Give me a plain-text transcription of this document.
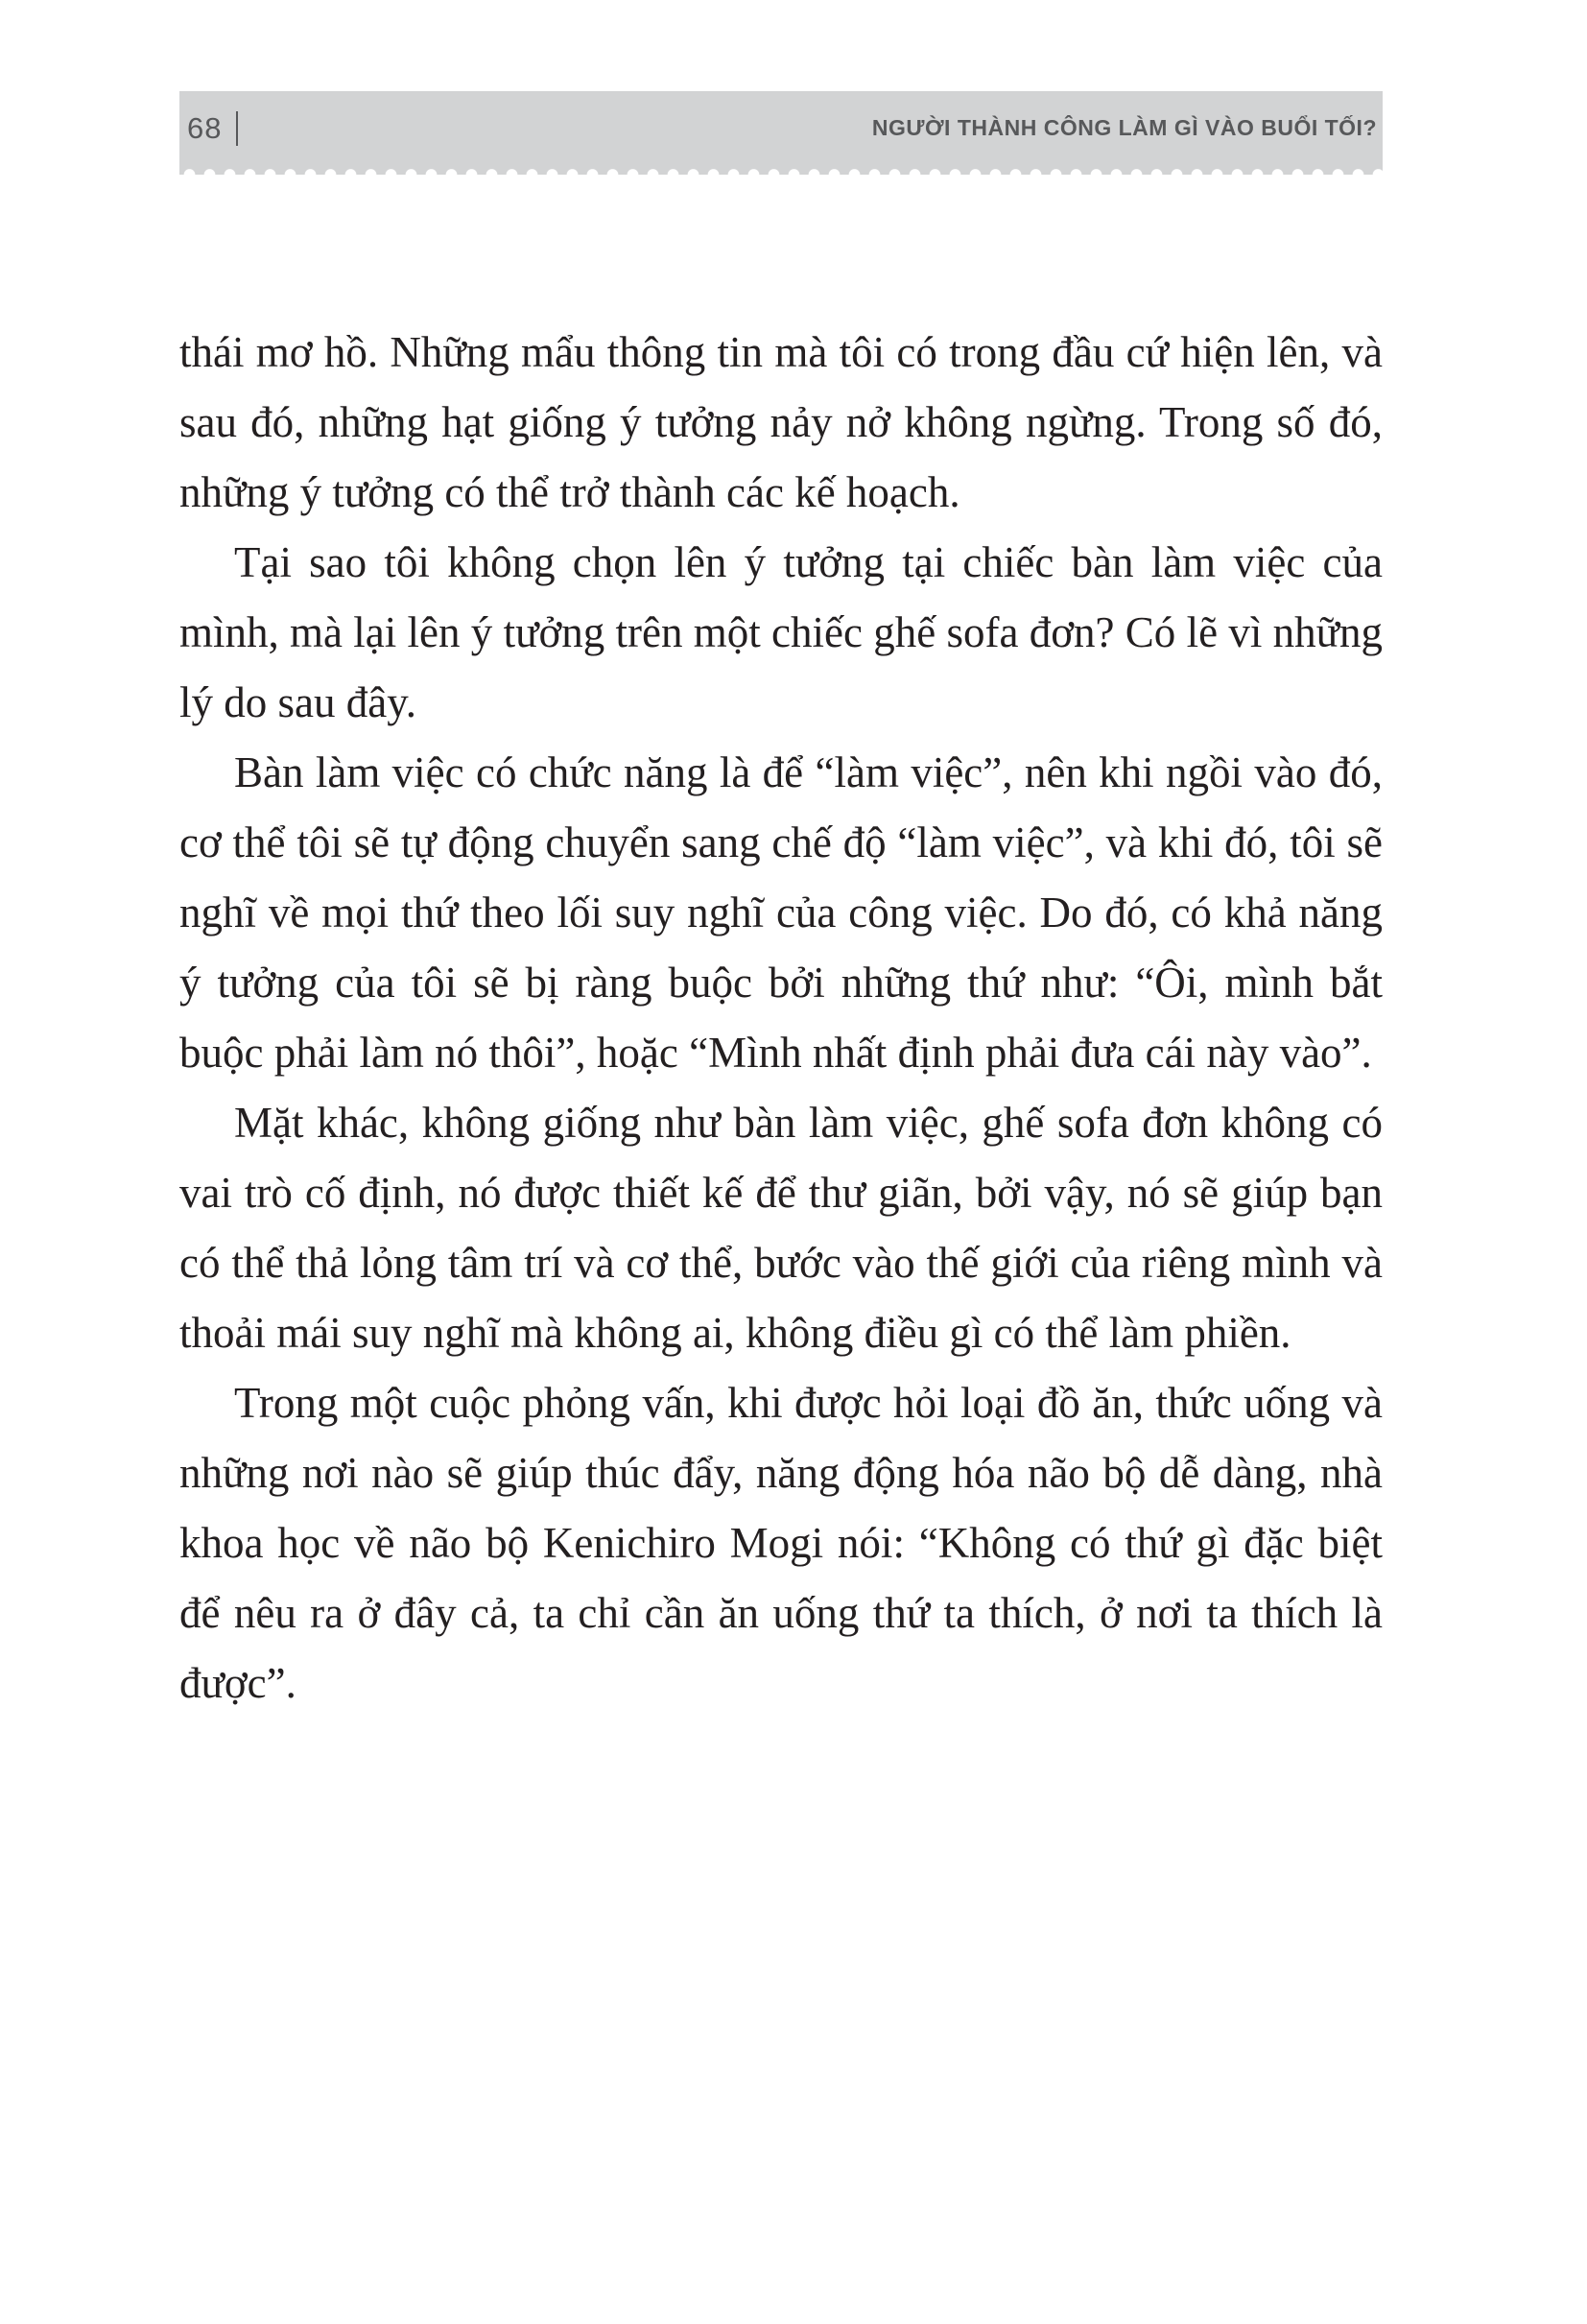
68	NGƯỜI THÀNH CÔNG LÀM GÌ VÀO BUỔI TỐI?

thái mơ hồ. Những mẩu thông tin mà tôi có trong đầu cứ hiện lên, và sau đó, những hạt giống ý tưởng nảy nở không ngừng. Trong số đó, những ý tưởng có thể trở thành các kế hoạch.

Tại sao tôi không chọn lên ý tưởng tại chiếc bàn làm việc của mình, mà lại lên ý tưởng trên một chiếc ghế sofa đơn? Có lẽ vì những lý do sau đây.

Bàn làm việc có chức năng là để “làm việc”, nên khi ngồi vào đó, cơ thể tôi sẽ tự động chuyển sang chế độ “làm việc”, và khi đó, tôi sẽ nghĩ về mọi thứ theo lối suy nghĩ của công việc. Do đó, có khả năng ý tưởng của tôi sẽ bị ràng buộc bởi những thứ như: “Ôi, mình bắt buộc phải làm nó thôi”, hoặc “Mình nhất định phải đưa cái này vào”.

Mặt khác, không giống như bàn làm việc, ghế sofa đơn không có vai trò cố định, nó được thiết kế để thư giãn, bởi vậy, nó sẽ giúp bạn có thể thả lỏng tâm trí và cơ thể, bước vào thế giới của riêng mình và thoải mái suy nghĩ mà không ai, không điều gì có thể làm phiền.

Trong một cuộc phỏng vấn, khi được hỏi loại đồ ăn, thức uống và những nơi nào sẽ giúp thúc đẩy, năng động hóa não bộ dễ dàng, nhà khoa học về não bộ Kenichiro Mogi nói: “Không có thứ gì đặc biệt để nêu ra ở đây cả, ta chỉ cần ăn uống thứ ta thích, ở nơi ta thích là được”.
